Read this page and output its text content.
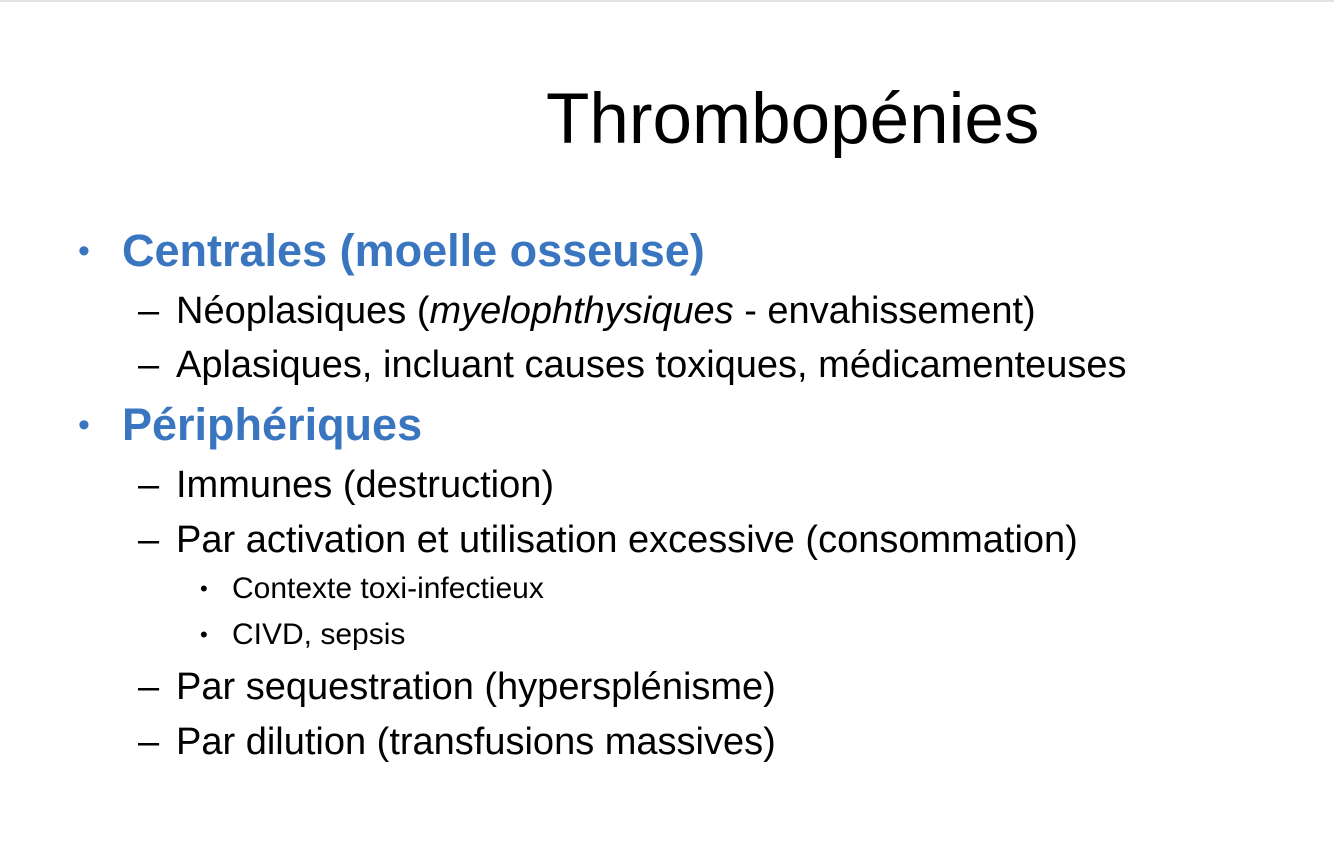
Thrombopénies
• Centrales (moelle osseuse)
– Néoplasiques (myelophthysiques - envahissement)
– Aplasiques, incluant causes toxiques, médicamenteuses
• Périphériques
– Immunes (destruction)
– Par activation et utilisation excessive (consommation)
• Contexte toxi-infectieux
• CIVD, sepsis
– Par sequestration (hypersplénisme)
– Par dilution (transfusions massives)
